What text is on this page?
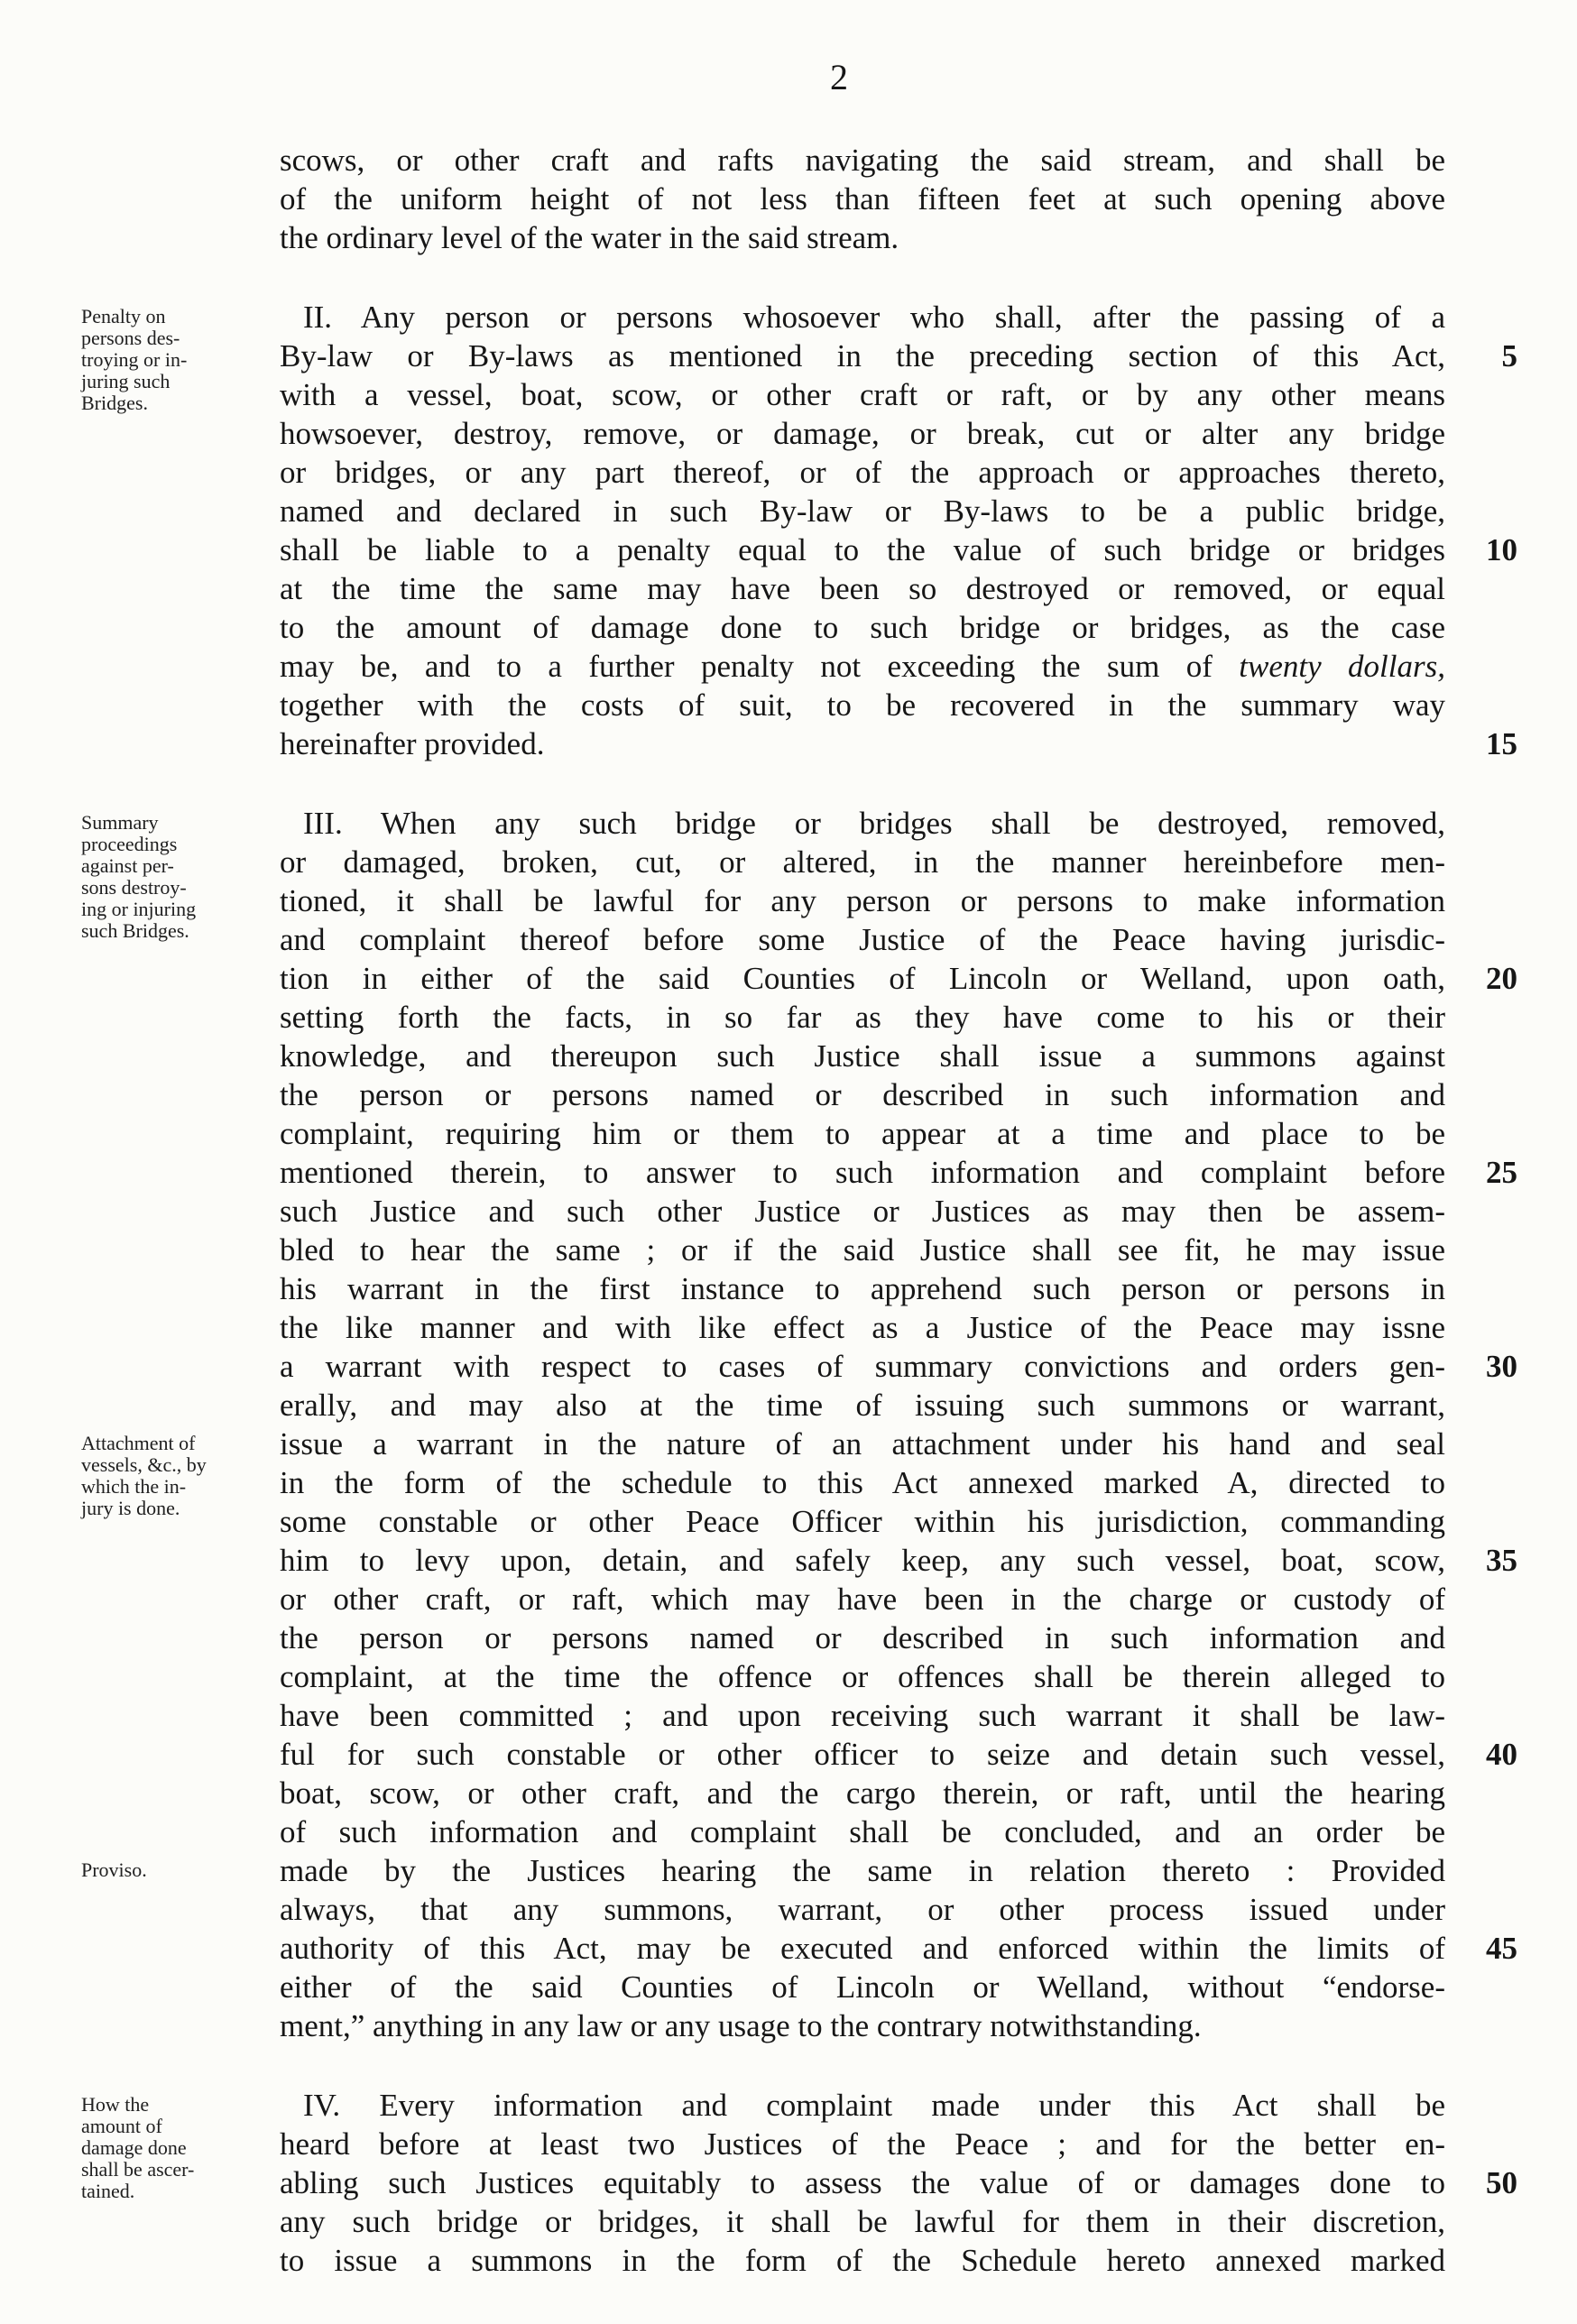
2
Penalty on
persons des-
troying or in-
juring such
Bridges.
Summary
proceedings
against per-
sons destroy-
ing or injuring
such Bridges.
Attachment of
vessels, &c., by
which the in-
jury is done.
Proviso.
How the
amount of
damage done
shall be ascer-
tained.
scows, or other craft and rafts navigating the said stream, and shall be
of the uniform height of not less than fifteen feet at such opening above
the ordinary level of the water in the said stream.
II. Any person or persons whosoever who shall, after the passing of a
By-law or By-laws as mentioned in the preceding section of this Act,	5
with a vessel, boat, scow, or other craft or raft, or by any other means
howsoever, destroy, remove, or damage, or break, cut or alter any bridge
or bridges, or any part thereof, or of the approach or approaches thereto,
named and declared in such By-law or By-laws to be a public bridge,
shall be liable to a penalty equal to the value of such bridge or bridges	10
at the time the same may have been so destroyed or removed, or equal
to the amount of damage done to such bridge or bridges, as the case
may be, and to a further penalty not exceeding the sum of twenty dollars,
together with the costs of suit, to be recovered in the summary way
hereinafter provided.	15
III. When any such bridge or bridges shall be destroyed, removed,
or damaged, broken, cut, or altered, in the manner hereinbefore men-
tioned, it shall be lawful for any person or persons to make information
and complaint thereof before some Justice of the Peace having jurisdic-
tion in either of the said Counties of Lincoln or Welland, upon oath,	20
setting forth the facts, in so far as they have come to his or their
knowledge, and thereupon such Justice shall issue a summons against
the person or persons named or described in such information and
complaint, requiring him or them to appear at a time and place to be
mentioned therein, to answer to such information and complaint before	25
such Justice and such other Justice or Justices as may then be assem-
bled to hear the same ; or if the said Justice shall see fit, he may issue
his warrant in the first instance to apprehend such person or persons in
the like manner and with like effect as a Justice of the Peace may issne
a warrant with respect to cases of summary convictions and orders gen-	30
erally, and may also at the time of issuing such summons or warrant,
issue a warrant in the nature of an attachment under his hand and seal
in the form of the schedule to this Act annexed marked A, directed to
some constable or other Peace Officer within his jurisdiction, commanding
him to levy upon, detain, and safely keep, any such vessel, boat, scow,	35
or other craft, or raft, which may have been in the charge or custody of
the person or persons named or described in such information and
complaint, at the time the offence or offences shall be therein alleged to
have been committed ; and upon receiving such warrant it shall be law-
ful for such constable or other officer to seize and detain such vessel,	40
boat, scow, or other craft, and the cargo therein, or raft, until the hearing
of such information and complaint shall be concluded, and an order be
made by the Justices hearing the same in relation thereto : Provided
always, that any summons, warrant, or other process issued under
authority of this Act, may be executed and enforced within the limits of	45
either of the said Counties of Lincoln or Welland, without “endorse-
ment,” anything in any law or any usage to the contrary notwithstanding.
IV. Every information and complaint made under this Act shall be
heard before at least two Justices of the Peace ; and for the better en-
abling such Justices equitably to assess the value of or damages done to	50
any such bridge or bridges, it shall be lawful for them in their discretion,
to issue a summons in the form of the Schedule hereto annexed marked
